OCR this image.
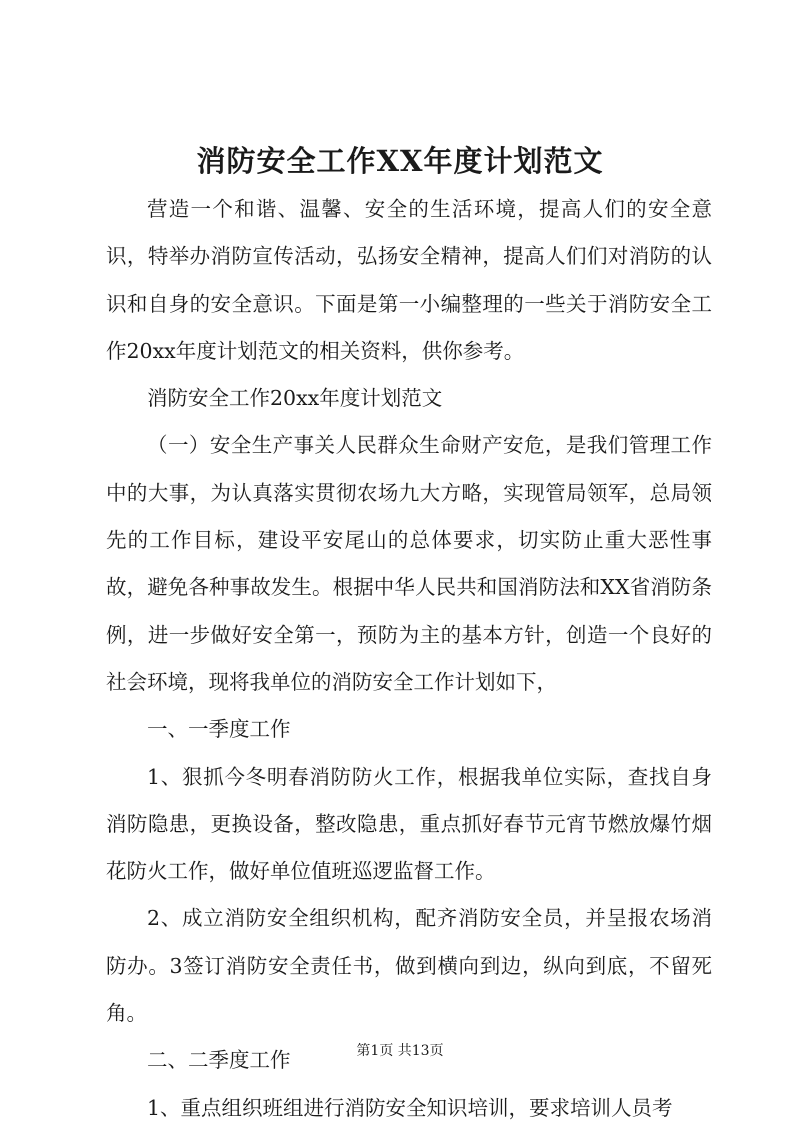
消防安全工作XX年度计划范文

营造一个和谐、温馨、安全的生活环境，提高人们的安全意识，特举办消防宣传活动，弘扬安全精神，提高人们们对消防的认识和自身的安全意识。下面是第一小编整理的一些关于消防安全工作20xx年度计划范文的相关资料，供你参考。

消防安全工作20xx年度计划范文

（一）安全生产事关人民群众生命财产安危，是我们管理工作中的大事，为认真落实贯彻农场九大方略，实现管局领军，总局领先的工作目标，建设平安尾山的总体要求，切实防止重大恶性事故，避免各种事故发生。根据中华人民共和国消防法和XX省消防条例，进一步做好安全第一，预防为主的基本方针，创造一个良好的社会环境，现将我单位的消防安全工作计划如下，

一、一季度工作

1、狠抓今冬明春消防防火工作，根据我单位实际，查找自身消防隐患，更换设备，整改隐患，重点抓好春节元宵节燃放爆竹烟花防火工作，做好单位值班巡逻监督工作。

2、成立消防安全组织机构，配齐消防安全员，并呈报农场消防办。3签订消防安全责任书，做到横向到边，纵向到底，不留死角。

二、二季度工作

1、重点组织班组进行消防安全知识培训，要求培训人员考

第1页 共13页
